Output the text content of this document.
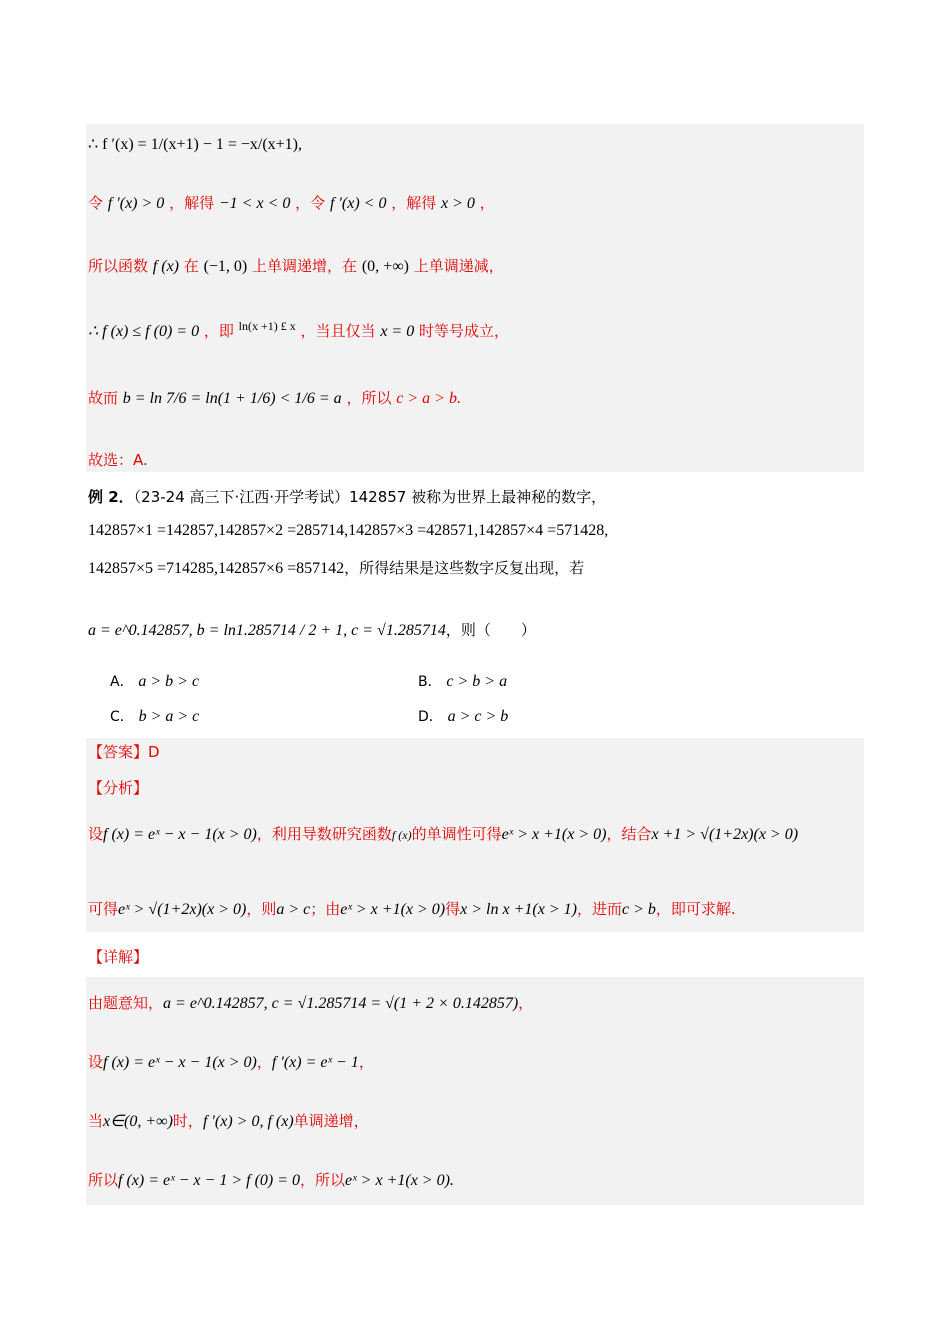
∴ f ′(x) = 1/(x+1) − 1 = −x/(x+1),
令 f ′(x) > 0 ，解得 −1 < x < 0 ，令 f ′(x) < 0 ，解得 x > 0 ，
所以函数 f (x) 在 (−1, 0) 上单调递增，在 (0, +∞) 上单调递减，
∴ f (x) ≤ f (0) = 0 ，即 $^{ln(x +1) £ x}$ ，当且仅当 x = 0 时等号成立，
故而 b = ln 7/6 = ln(1 + 1/6) < 1/6 = a ，所以 c > a > b.
故选：A.
例 2．（23-24 高三下·江西·开学考试）142857 被称为世界上最神秘的数字，
142857×1 =142857,142857×2 =285714,142857×3 =428571,142857×4 =571428,
142857×5 =714285,142857×6 =857142，所得结果是这些数字反复出现，若
a = e^0.142857, b = ln1.285714 / 2 + 1, c = √1.285714，则（　　）
A． a > b > c	B． c > b > a
C． b > a > c	D． a > c > b
【答案】D
【分析】
设f (x) = eˣ − x − 1(x > 0)，利用导数研究函数f (x)的单调性可得eˣ > x +1(x > 0)，结合x +1 > √(1+2x)(x > 0)
可得eˣ > √(1+2x)(x > 0)，则a > c；由eˣ > x +1(x > 0)得x > ln x +1(x > 1)，进而c > b，即可求解.
【详解】
由题意知，a = e^0.142857, c = √1.285714 = √(1 + 2 × 0.142857)，
设f (x) = eˣ − x − 1(x > 0)，f ′(x) = eˣ − 1，
当x∈(0, +∞)时，f ′(x) > 0, f (x)单调递增，
所以f (x) = eˣ − x − 1 > f (0) = 0，所以eˣ > x +1(x > 0).
